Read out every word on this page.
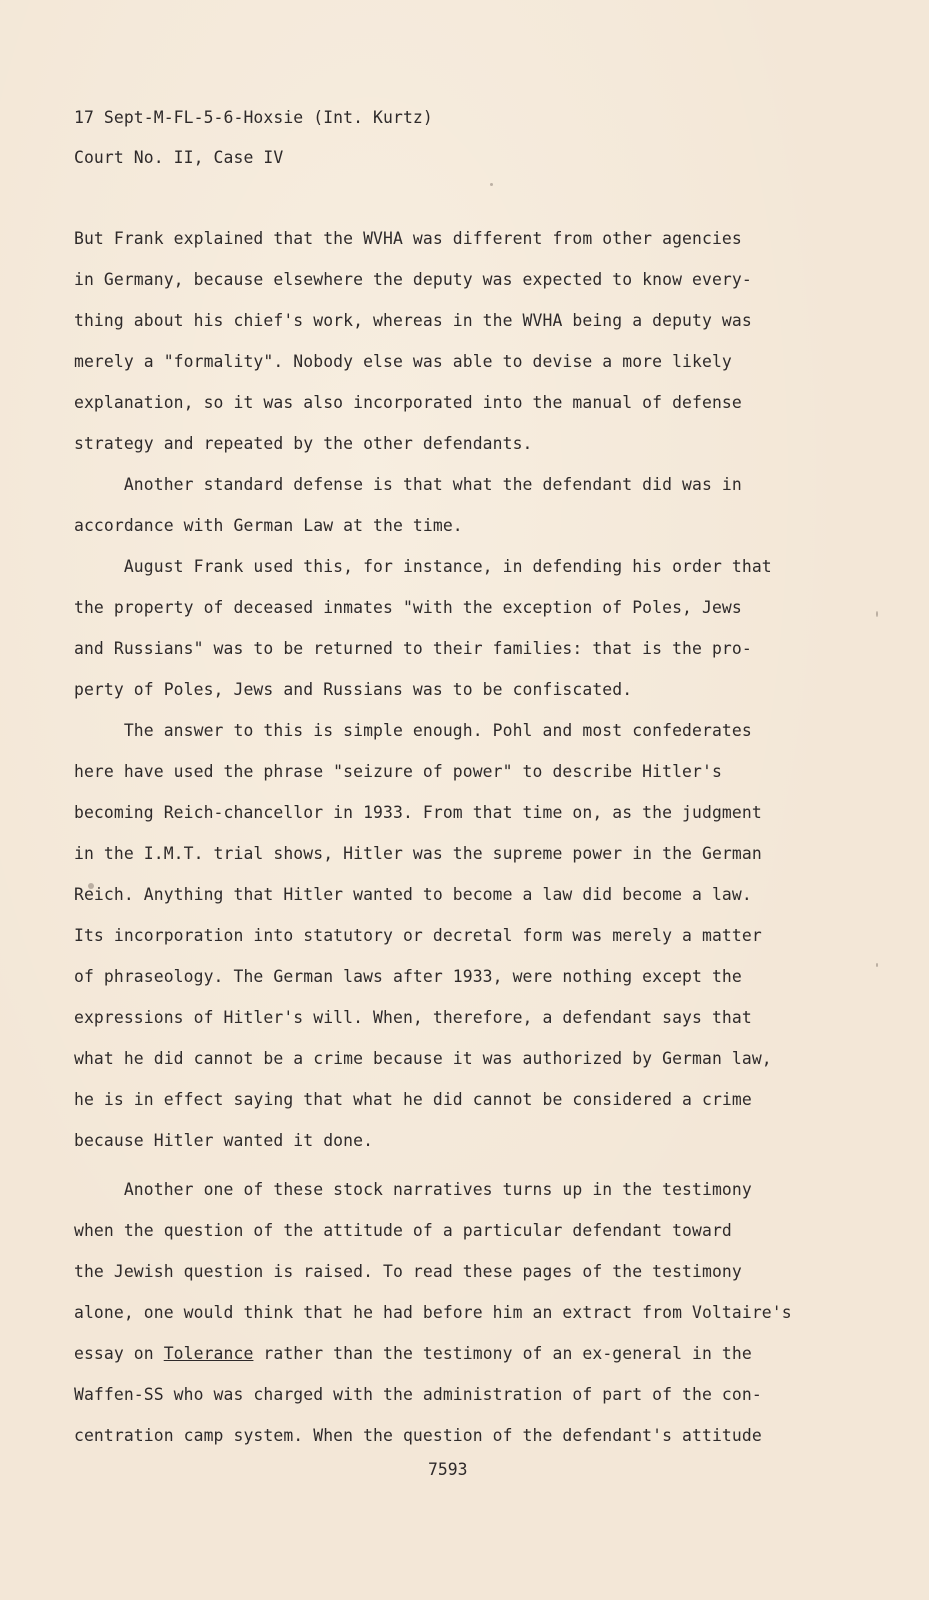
17 Sept-M-FL-5-6-Hoxsie (Int. Kurtz)
Court No. II, Case IV

But Frank explained that the WVHA was different from other agencies

in Germany, because elsewhere the deputy was expected to know every-

thing about his chief's work, whereas in the WVHA being a deputy was

merely a "formality". Nobody else was able to devise a more likely

explanation, so it was also incorporated into the manual of defense

strategy and repeated by the other defendants.

Another standard defense is that what the defendant did was in

accordance with German Law at the time.

August Frank used this, for instance, in defending his order that

the property of deceased inmates "with the exception of Poles, Jews

and Russians" was to be returned to their families: that is the pro-

perty of Poles, Jews and Russians was to be confiscated.

The answer to this is simple enough. Pohl and most confederates

here have used the phrase "seizure of power" to describe Hitler's

becoming Reich-chancellor in 1933. From that time on, as the judgment

in the I.M.T. trial shows, Hitler was the supreme power in the German

Reich. Anything that Hitler wanted to become a law did become a law.

Its incorporation into statutory or decretal form was merely a matter

of phraseology. The German laws after 1933, were nothing except the

expressions of Hitler's will. When, therefore, a defendant says that

what he did cannot be a crime because it was authorized by German law,

he is in effect saying that what he did cannot be considered a crime

because Hitler wanted it done.

Another one of these stock narratives turns up in the testimony

when the question of the attitude of a particular defendant toward

the Jewish question is raised. To read these pages of the testimony

alone, one would think that he had before him an extract from Voltaire's

essay on Tolerance rather than the testimony of an ex-general in the

Waffen-SS who was charged with the administration of part of the con-

centration camp system. When the question of the defendant's attitude

7593
